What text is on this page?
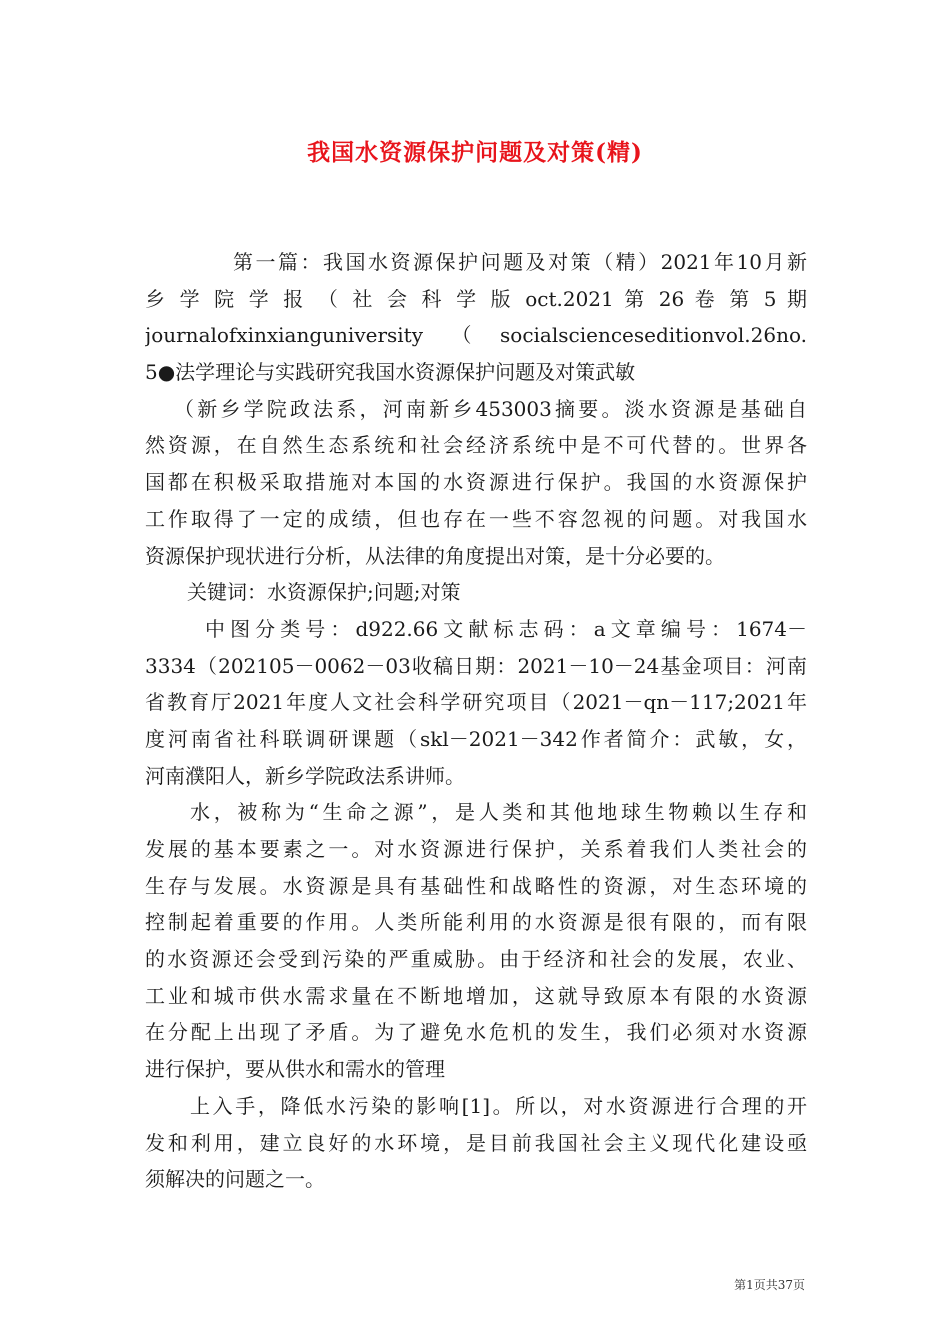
我国水资源保护问题及对策(精)
第一篇：我国水资源保护问题及对策（精）2021年10月新
乡 学 院 学 报 （ 社 会 科 学 版 oct.2021 第 26 卷 第 5 期
journalofxinxianguniversity（socialscienceseditionvol.26no.
5●法学理论与实践研究我国水资源保护问题及对策武敏
（新乡学院政法系，河南新乡453003摘要。淡水资源是基础自
然资源，在自然生态系统和社会经济系统中是不可代替的。世界各
国都在积极采取措施对本国的水资源进行保护。我国的水资源保护
工作取得了一定的成绩，但也存在一些不容忽视的问题。对我国水
资源保护现状进行分析，从法律的角度提出对策，是十分必要的。
关键词：水资源保护;问题;对策
中图分类号：d922.66文献标志码：a文章编号：1674－
3334（202105－0062－03收稿日期：2021－10－24基金项目：河南
省教育厅2021年度人文社会科学研究项目（2021－qn－117;2021年
度河南省社科联调研课题（skl－2021－342作者简介：武敏，女，
河南濮阳人，新乡学院政法系讲师。
水，被称为“生命之源”，是人类和其他地球生物赖以生存和
发展的基本要素之一。对水资源进行保护，关系着我们人类社会的
生存与发展。水资源是具有基础性和战略性的资源，对生态环境的
控制起着重要的作用。人类所能利用的水资源是很有限的，而有限
的水资源还会受到污染的严重威胁。由于经济和社会的发展，农业、
工业和城市供水需求量在不断地增加，这就导致原本有限的水资源
在分配上出现了矛盾。为了避免水危机的发生，我们必须对水资源
进行保护，要从供水和需水的管理
上入手，降低水污染的影响[1]。所以，对水资源进行合理的开
发和利用，建立良好的水环境，是目前我国社会主义现代化建设亟
须解决的问题之一。
第1页共37页
